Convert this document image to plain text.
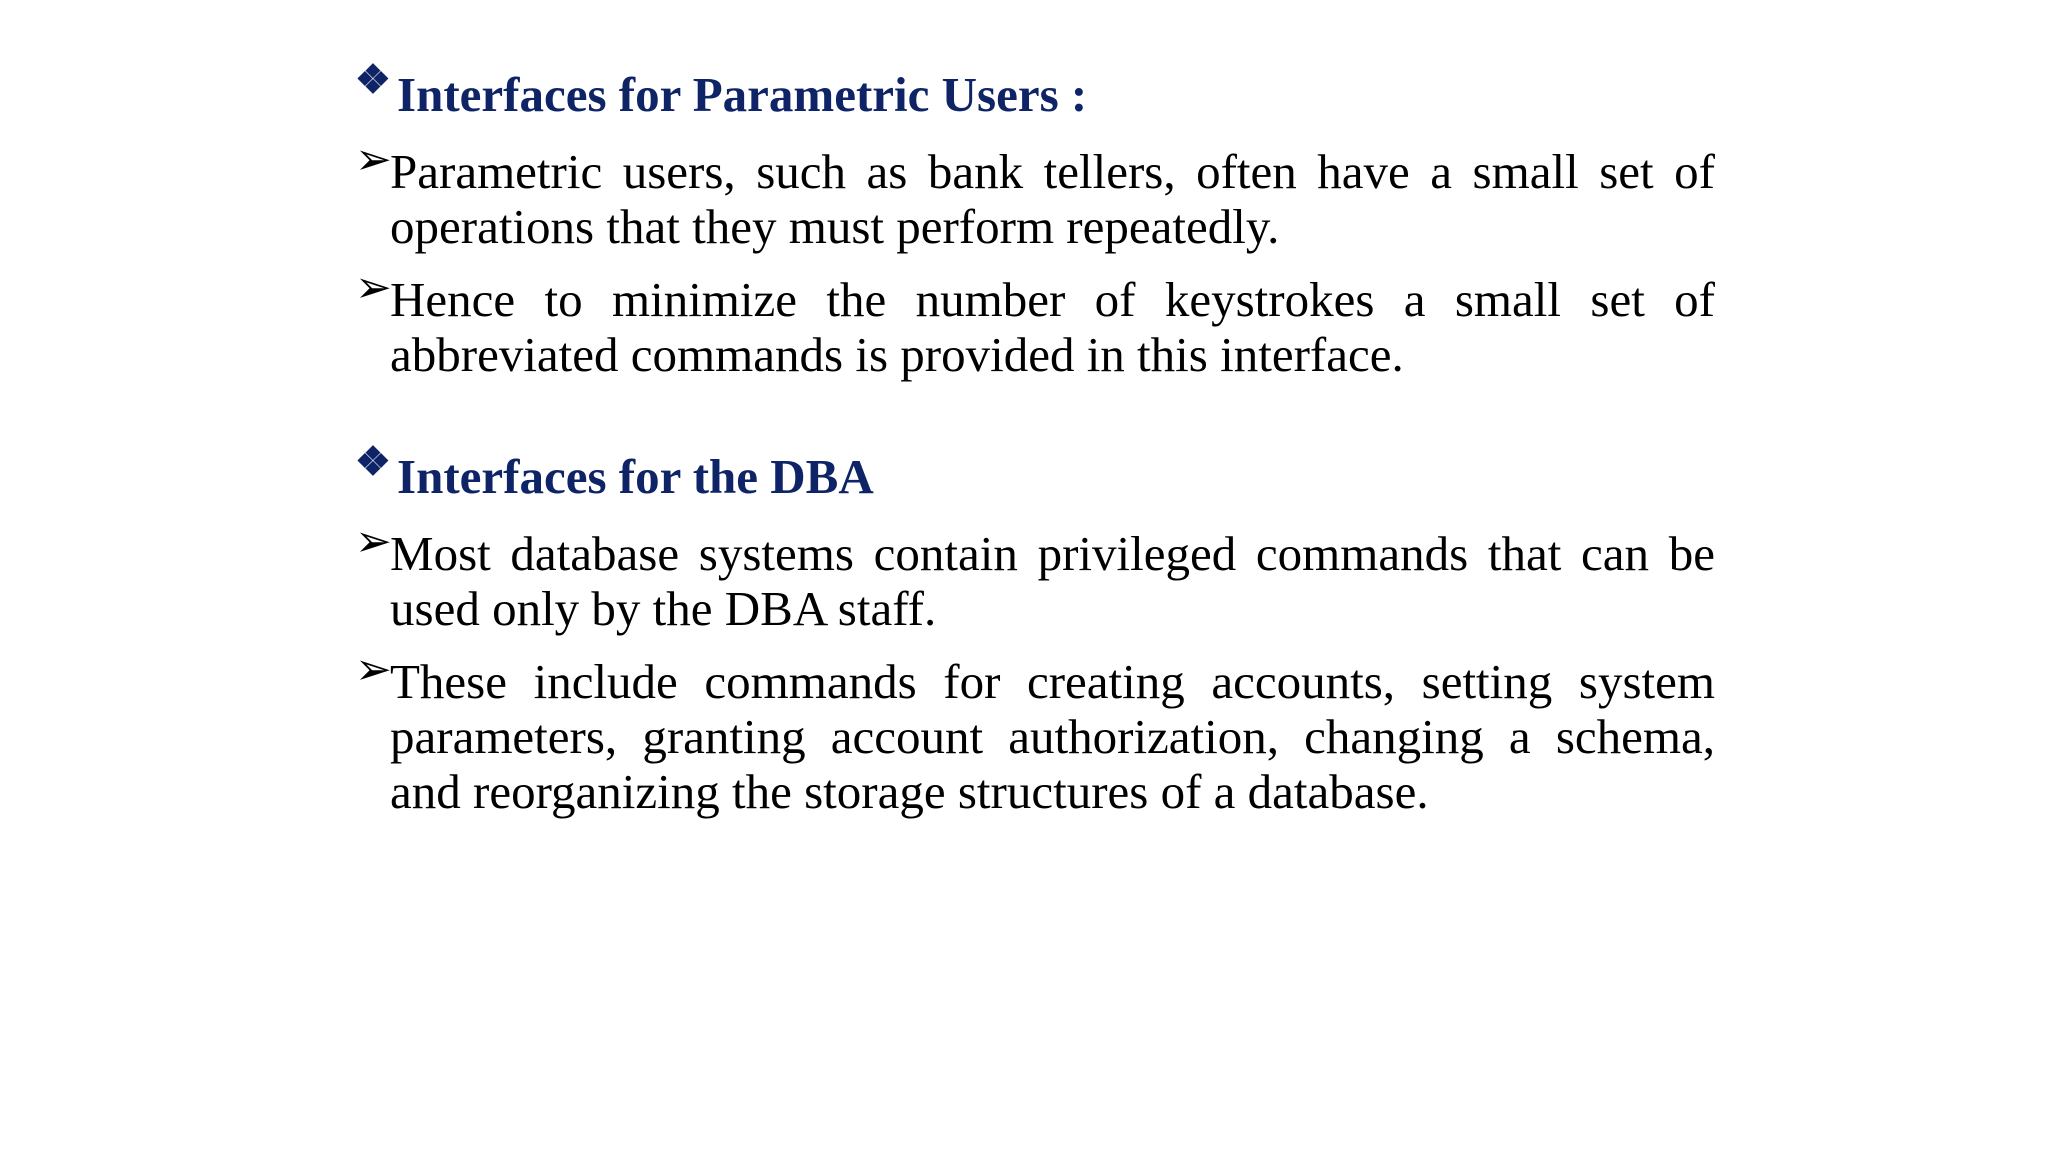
❖ Interfaces for Parametric Users :
➢
Parametric users, such as bank tellers, often have a small set of operations that they must perform repeatedly.
➢
Hence to minimize the number of keystrokes a small set of abbreviated commands is provided in this interface.
❖ Interfaces for the DBA
➢
Most database systems contain privileged commands that can be used only by the DBA staff.
➢
These include commands for creating accounts, setting system parameters, granting account authorization, changing a schema, and reorganizing the storage structures of a database.
